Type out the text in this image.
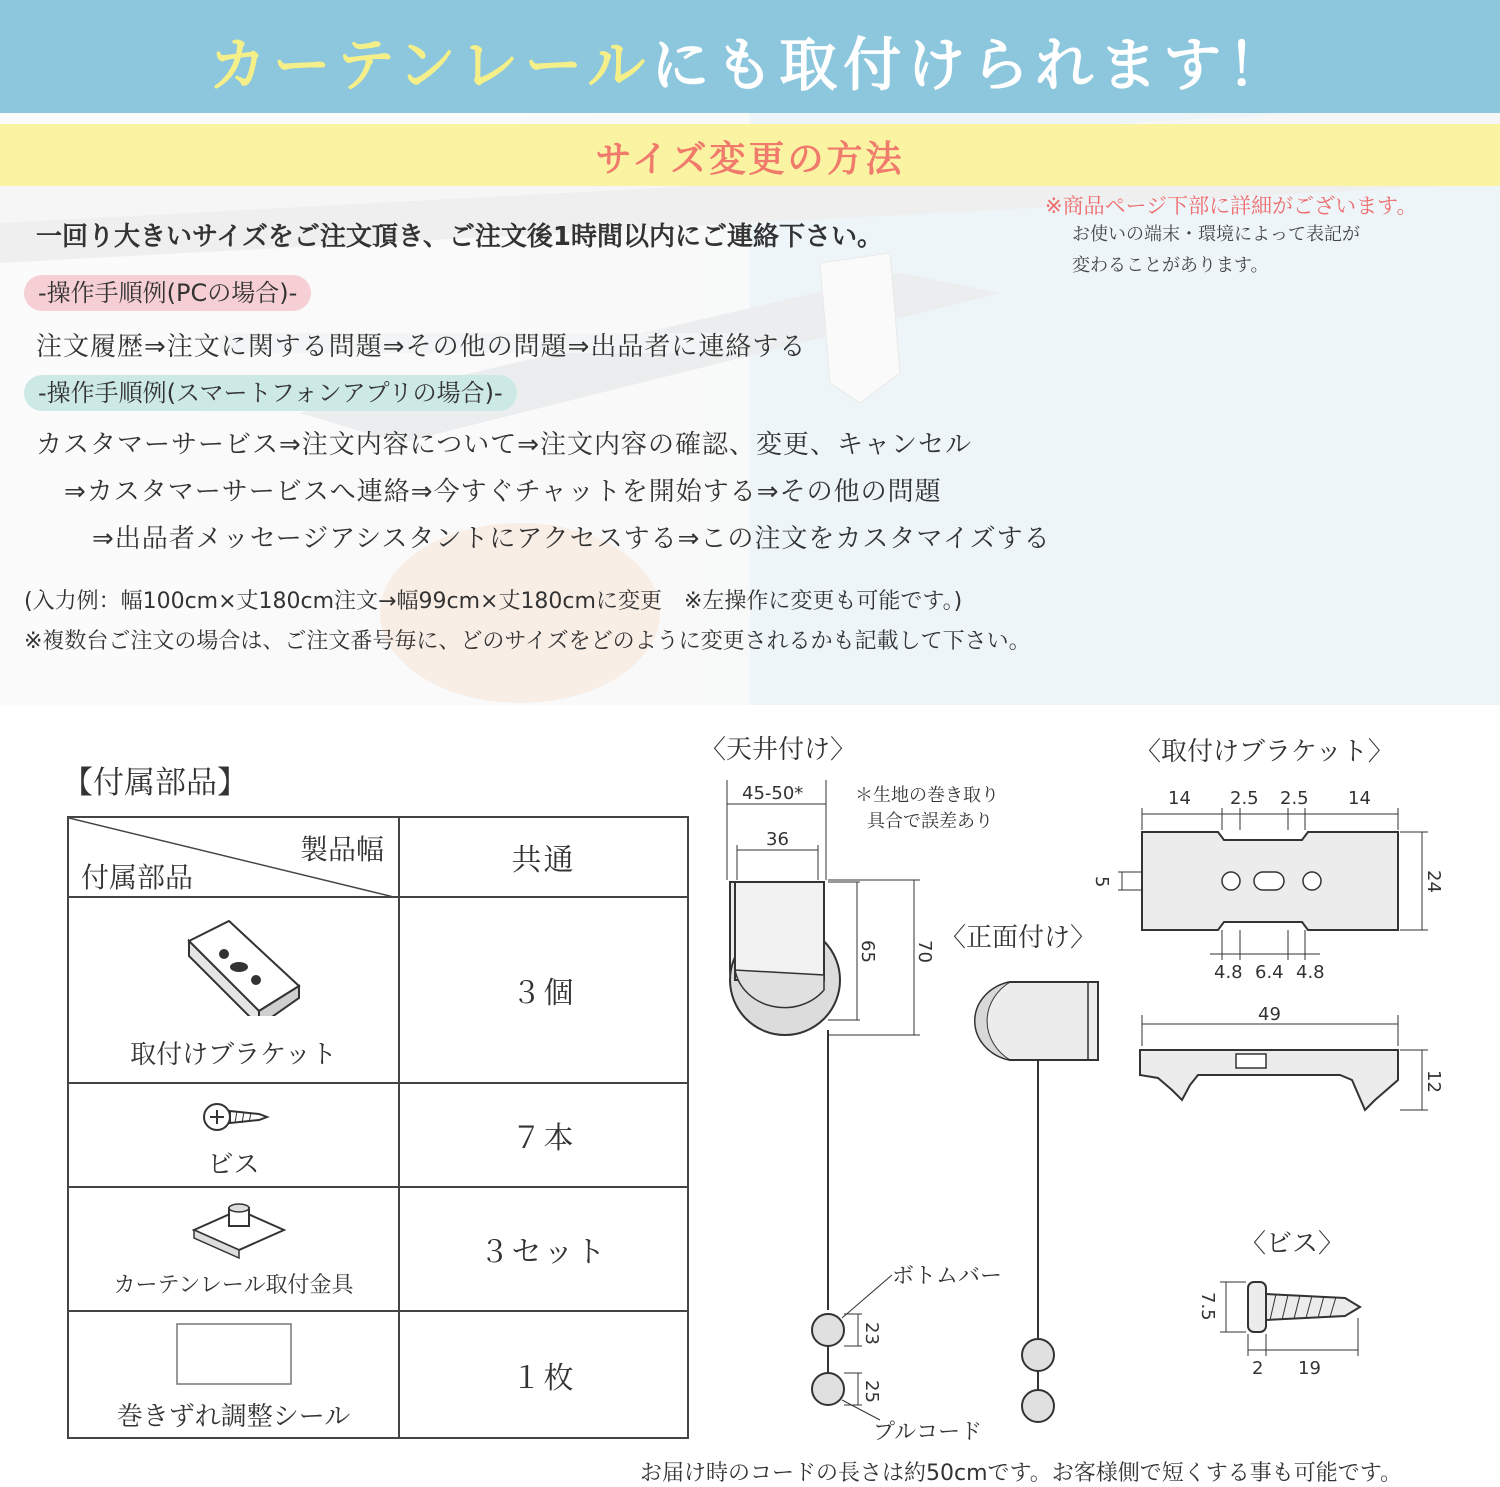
カーテンレールにも取付けられます！
サイズ変更の方法
一回り大きいサイズをご注文頂き、ご注文後1時間以内にご連絡下さい。
※商品ページ下部に詳細がございます。
お使いの端末・環境によって表記が
変わることがあります。
-操作手順例(PCの場合)-
注文履歴⇒注文に関する問題⇒その他の問題⇒出品者に連絡する
-操作手順例(スマートフォンアプリの場合)-
カスタマーサービス⇒注文内容について⇒注文内容の確認、変更、キャンセル
⇒カスタマーサービスへ連絡⇒今すぐチャットを開始する⇒その他の問題
⇒出品者メッセージアシスタントにアクセスする⇒この注文をカスタマイズする
(入力例：幅100cm×丈180cm注文→幅99cm×丈180cmに変更　※左操作に変更も可能です。)
※複数台ご注文の場合は、ご注文番号毎に、どのサイズをどのように変更されるかも記載して下さい。
【付属部品】
製品幅
付属部品	共通

取付けブラケット	３個

ビス	７本

カーテンレール取付金具	３セット

巻きずれ調整シール	１枚
〈天井付け〉	〈取付けブラケット〉
〈正面付け〉
〈ビス〉
＊生地の巻き取り
具合で誤差あり
ボトムバー
プルコード
45-50*
36
65 70
23
25
14 2.5 2.5 14
5	24
4.8 6.4 4.8
49
12
7.5
2 19
お届け時のコードの長さは約50cmです。お客様側で短くする事も可能です。
